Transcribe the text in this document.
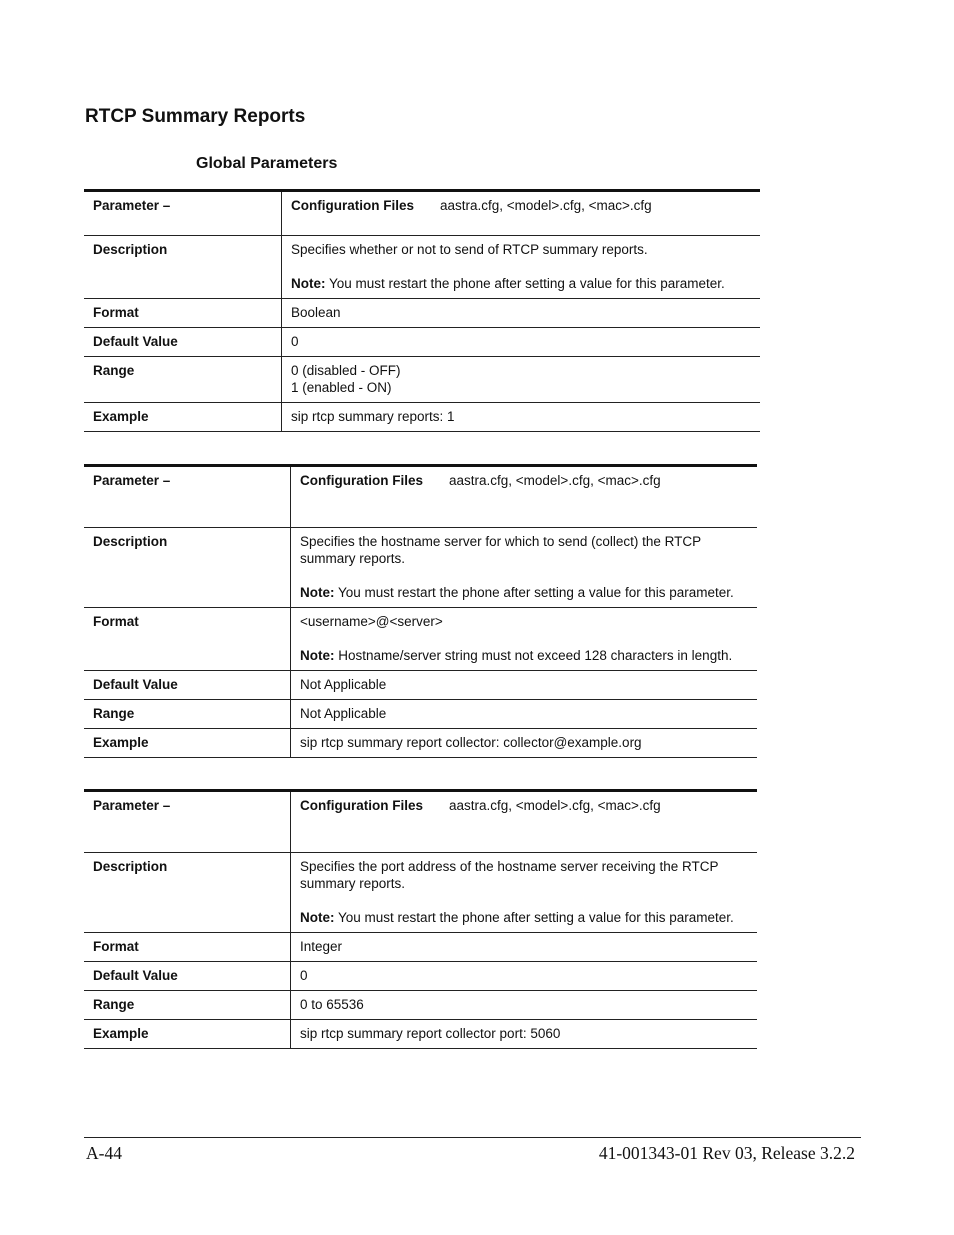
RTCP Summary Reports
Global Parameters
Parameter –	Configuration Files aastra.cfg, <model>.cfg, <mac>.cfg
Description	Specifies whether or not to send of RTCP summary reports.
Note: You must restart the phone after setting a value for this parameter.

Format	Boolean
Default Value	0
Range	0 (disabled - OFF)
1 (enabled - ON)

Example	sip rtcp summary reports: 1
Parameter –	Configuration Files aastra.cfg, <model>.cfg, <mac>.cfg
Description	Specifies the hostname server for which to send (collect) the RTCP summary reports.
Note: You must restart the phone after setting a value for this parameter.

Format	<username>@<server>
Note: Hostname/server string must not exceed 128 characters in length.

Default Value	Not Applicable
Range	Not Applicable
Example	sip rtcp summary report collector: collector@example.org
Parameter –	Configuration Files aastra.cfg, <model>.cfg, <mac>.cfg
Description	Specifies the port address of the hostname server receiving the RTCP summary reports.
Note: You must restart the phone after setting a value for this parameter.

Format	Integer
Default Value	0
Range	0 to 65536
Example	sip rtcp summary report collector port: 5060
A-44	41-001343-01 Rev 03, Release 3.2.2
